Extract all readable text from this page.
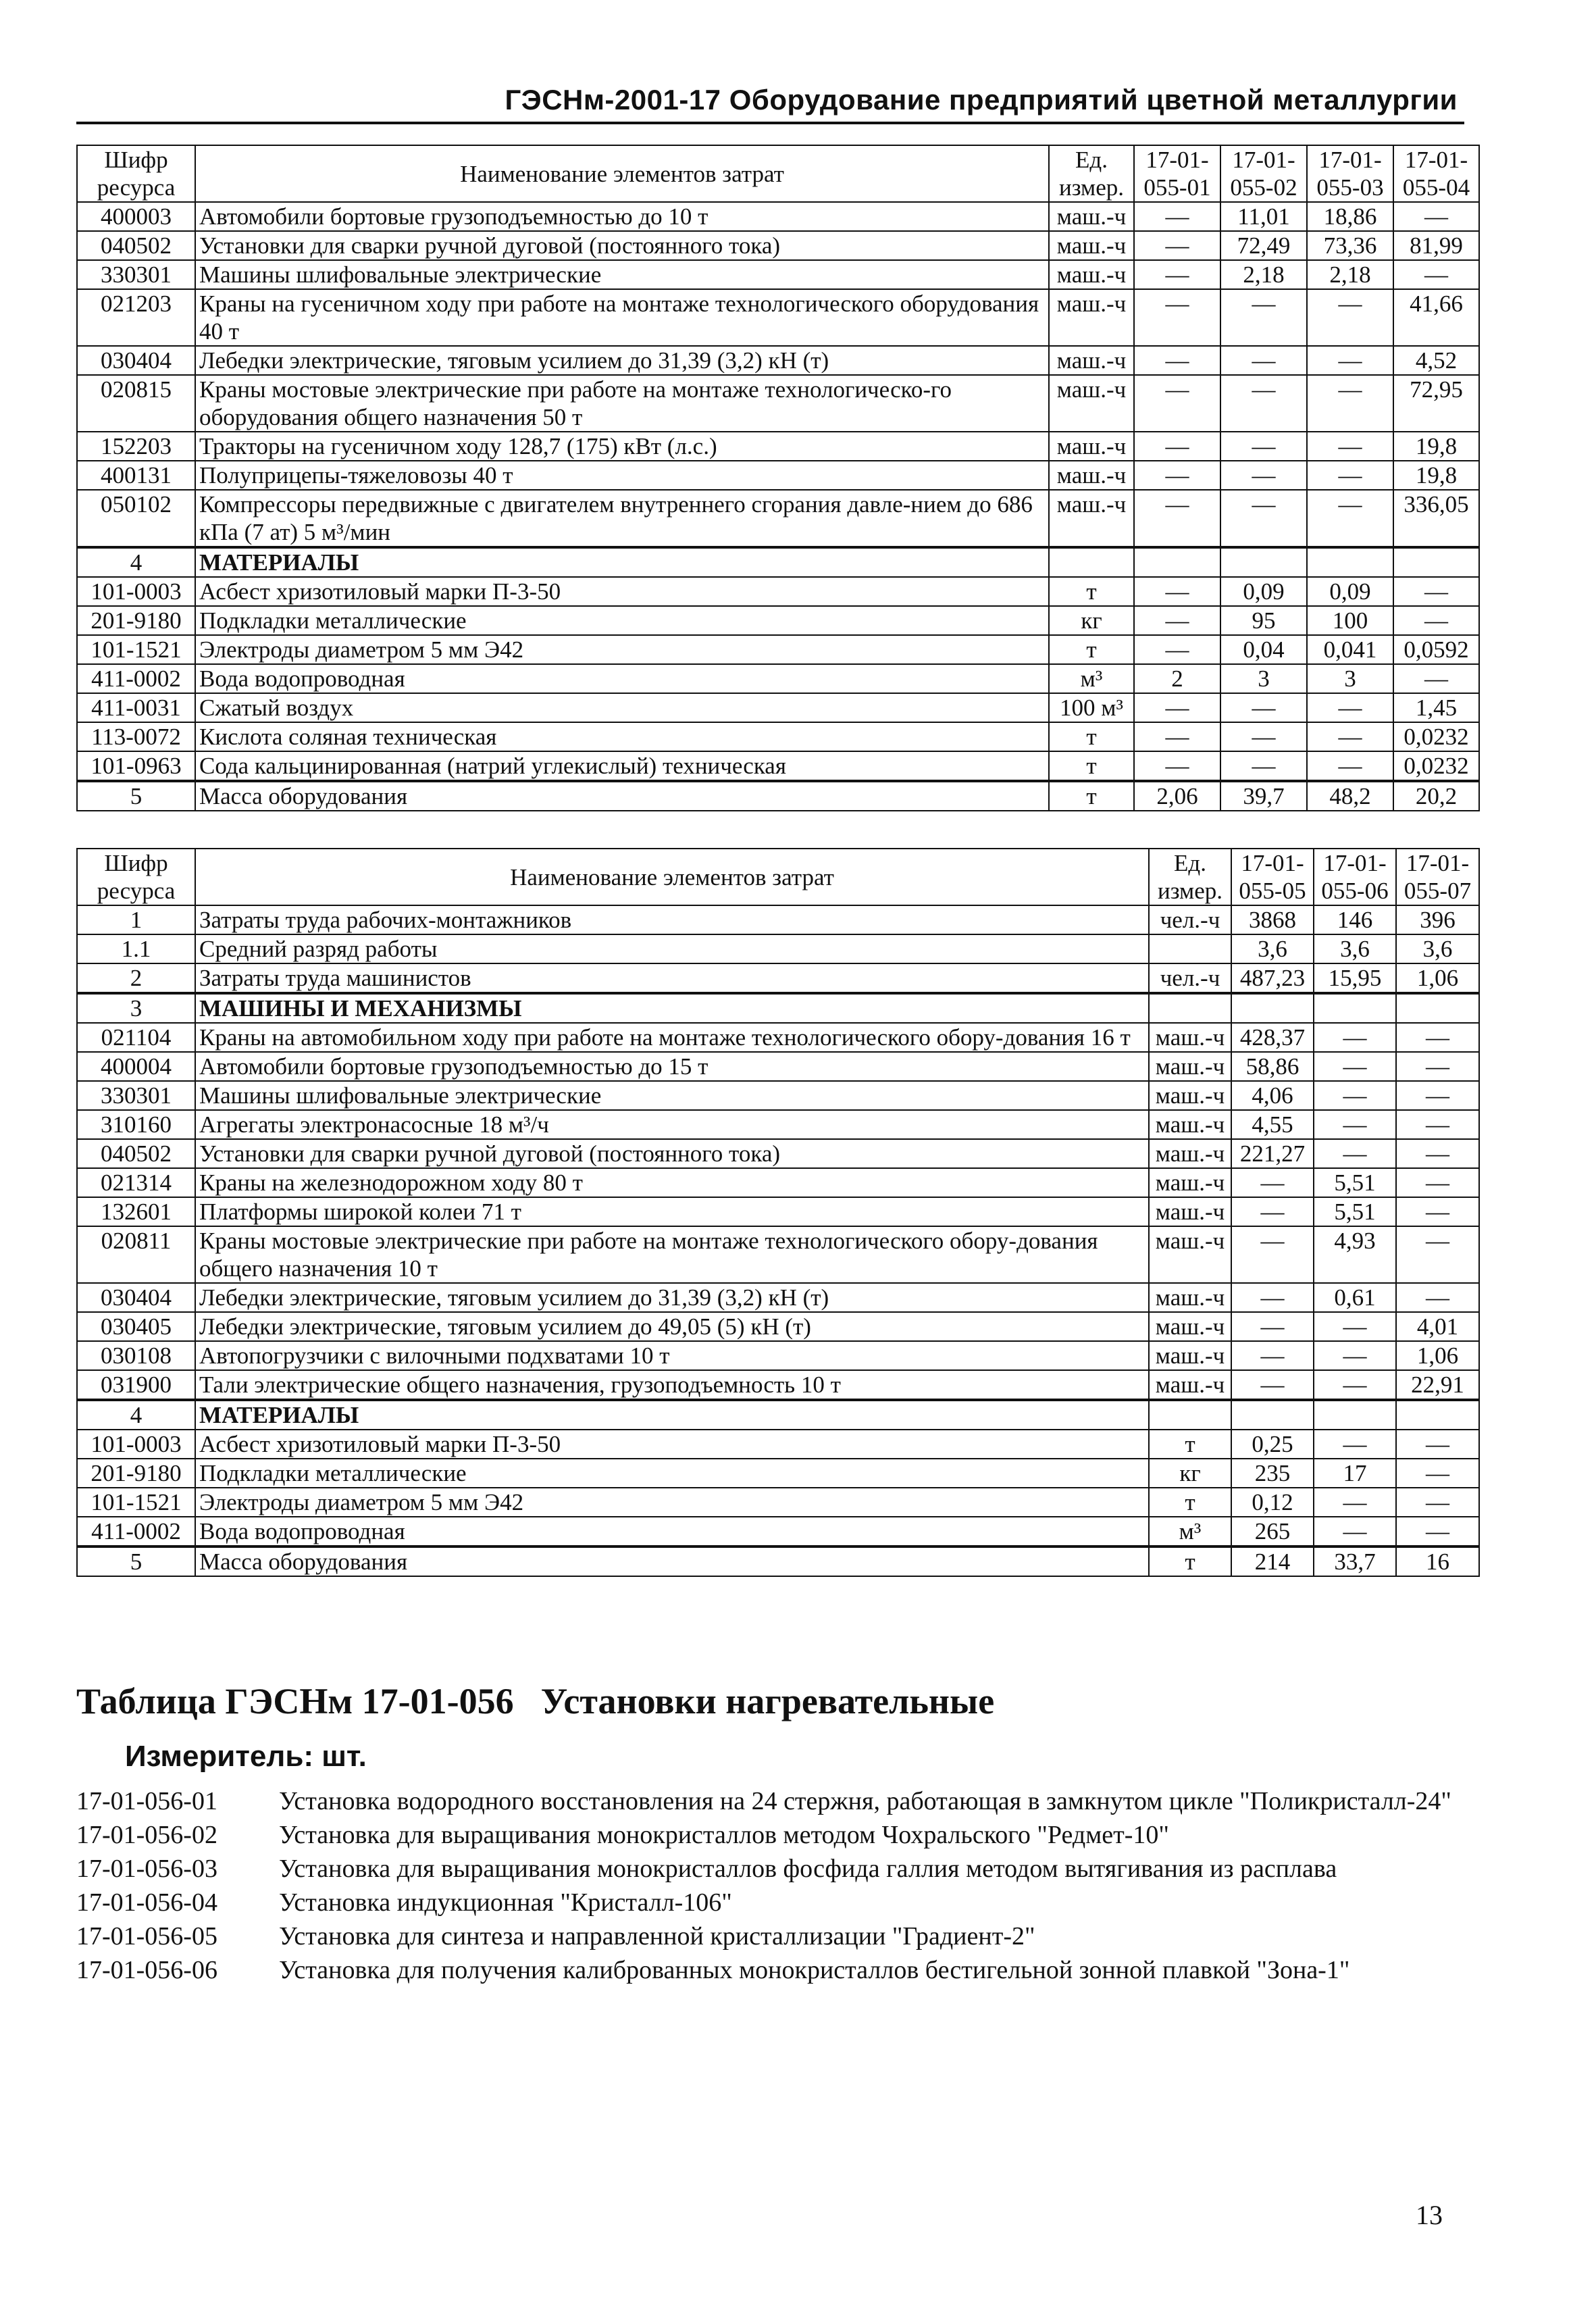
ГЭСНм-2001-17 Оборудование предприятий цветной металлургии
Шифр ресурса	Наименование элементов затрат	Ед. измер.	17-01-055-01	17-01-055-02	17-01-055-03	17-01-055-04
400003	Автомобили бортовые грузоподъемностью до 10 т	маш.-ч	—	11,01	18,86	—
040502	Установки для сварки ручной дуговой (постоянного тока)	маш.-ч	—	72,49	73,36	81,99
330301	Машины шлифовальные электрические	маш.-ч	—	2,18	2,18	—
021203	Краны на гусеничном ходу при работе на монтаже технологического оборудования 40 т	маш.-ч	—	—	—	41,66
030404	Лебедки электрические, тяговым усилием до 31,39 (3,2) кН (т)	маш.-ч	—	—	—	4,52
020815	Краны мостовые электрические при работе на монтаже технологическо-го оборудования общего назначения 50 т	маш.-ч	—	—	—	72,95
152203	Тракторы на гусеничном ходу 128,7 (175) кВт (л.с.)	маш.-ч	—	—	—	19,8
400131	Полуприцепы-тяжеловозы 40 т	маш.-ч	—	—	—	19,8
050102	Компрессоры передвижные с двигателем внутреннего сгорания давле-нием до 686 кПа (7 ат) 5 м³/мин	маш.-ч	—	—	—	336,05
4	МАТЕРИАЛЫ					
101-0003	Асбест хризотиловый марки П-3-50	т	—	0,09	0,09	—
201-9180	Подкладки металлические	кг	—	95	100	—
101-1521	Электроды диаметром 5 мм Э42	т	—	0,04	0,041	0,0592
411-0002	Вода водопроводная	м³	2	3	3	—
411-0031	Сжатый воздух	100 м³	—	—	—	1,45
113-0072	Кислота соляная техническая	т	—	—	—	0,0232
101-0963	Сода кальцинированная (натрий углекислый) техническая	т	—	—	—	0,0232
5	Масса оборудования	т	2,06	39,7	48,2	20,2
Шифр ресурса	Наименование элементов затрат	Ед. измер.	17-01-055-05	17-01-055-06	17-01-055-07
1	Затраты труда рабочих-монтажников	чел.-ч	3868	146	396
1.1	Средний разряд работы		3,6	3,6	3,6
2	Затраты труда машинистов	чел.-ч	487,23	15,95	1,06
3	МАШИНЫ И МЕХАНИЗМЫ				
021104	Краны на автомобильном ходу при работе на монтаже технологического обору-дования 16 т	маш.-ч	428,37	—	—
400004	Автомобили бортовые грузоподъемностью до 15 т	маш.-ч	58,86	—	—
330301	Машины шлифовальные электрические	маш.-ч	4,06	—	—
310160	Агрегаты электронасосные 18 м³/ч	маш.-ч	4,55	—	—
040502	Установки для сварки ручной дуговой (постоянного тока)	маш.-ч	221,27	—	—
021314	Краны на железнодорожном ходу 80 т	маш.-ч	—	5,51	—
132601	Платформы широкой колеи 71 т	маш.-ч	—	5,51	—
020811	Краны мостовые электрические при работе на монтаже технологического обору-дования общего назначения 10 т	маш.-ч	—	4,93	—
030404	Лебедки электрические, тяговым усилием до 31,39 (3,2) кН (т)	маш.-ч	—	0,61	—
030405	Лебедки электрические, тяговым усилием до 49,05 (5) кН (т)	маш.-ч	—	—	4,01
030108	Автопогрузчики с вилочными подхватами 10 т	маш.-ч	—	—	1,06
031900	Тали электрические общего назначения, грузоподъемность 10 т	маш.-ч	—	—	22,91
4	МАТЕРИАЛЫ				
101-0003	Асбест хризотиловый марки П-3-50	т	0,25	—	—
201-9180	Подкладки металлические	кг	235	17	—
101-1521	Электроды диаметром 5 мм Э42	т	0,12	—	—
411-0002	Вода водопроводная	м³	265	—	—
5	Масса оборудования	т	214	33,7	16
Таблица ГЭСНм 17-01-056 Установки нагревательные
Измеритель: шт.
17-01-056-01	Установка водородного восстановления на 24 стержня, работающая в замкнутом цикле "Поликристалл-24"
17-01-056-02	Установка для выращивания монокристаллов методом Чохральского "Редмет-10"
17-01-056-03	Установка для выращивания монокристаллов фосфида галлия методом вытягивания из расплава
17-01-056-04	Установка индукционная "Кристалл-106"
17-01-056-05	Установка для синтеза и направленной кристаллизации "Градиент-2"
17-01-056-06	Установка для получения калиброванных монокристаллов бестигельной зонной плавкой "Зона-1"
13
